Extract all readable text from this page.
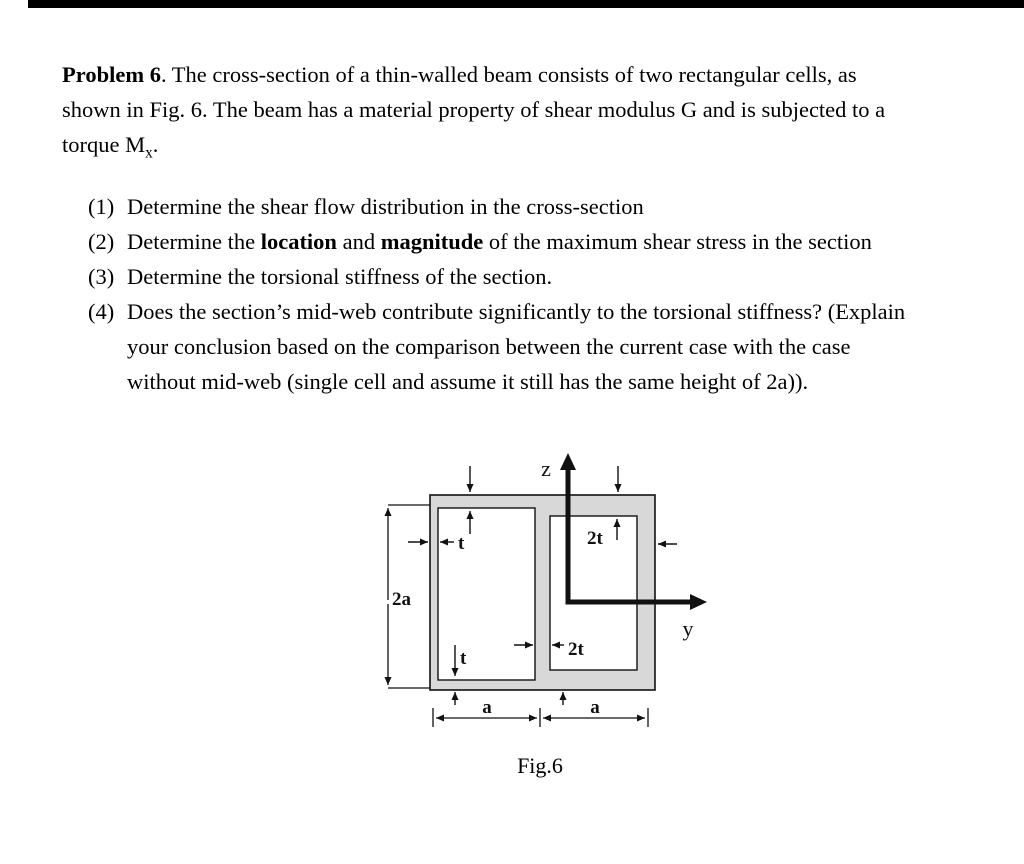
Problem 6. The cross-section of a thin-walled beam consists of two rectangular cells, as shown in Fig. 6. The beam has a material property of shear modulus G and is subjected to a torque $M_x$.

(1) Determine the shear flow distribution in the cross-section
(2) Determine the location and magnitude of the maximum shear stress in the section
(3) Determine the torsional stiffness of the section.
(4) Does the section’s mid-web contribute significantly to the torsional stiffness? (Explain your conclusion based on the comparison between the current case with the case without mid-web (single cell and assume it still has the same height of 2a)).
z
y
t	2t
t	2t
2a
a	a
Fig.6
